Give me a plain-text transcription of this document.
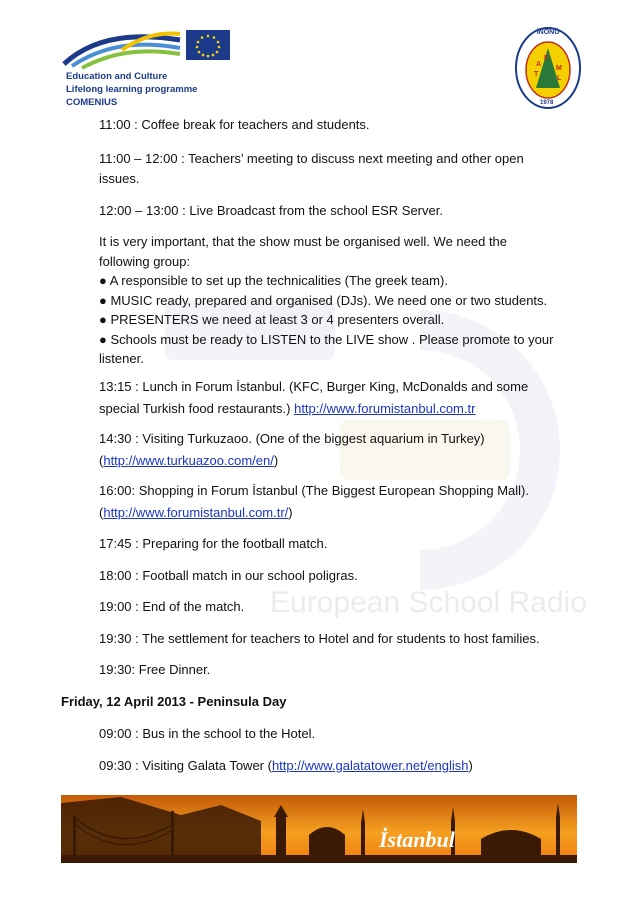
European School Radio
Education and Culture
Lifelong learning programme
COMENIUS
A
T
E
M
L
1978
İNÖNÜ
11:00 : Coffee break for teachers and students.
11:00 – 12:00 : Teachers’ meeting to discuss next meeting and other open
issues.
12:00 – 13:00 : Live Broadcast from the school ESR Server.
It is very important, that the show must be organised well. We need the
following group:
● A responsible to set up the technicalities (The greek team).
● MUSIC ready, prepared and organised (DJs). We need one or two students.
● PRESENTERS we need at least 3 or 4 presenters overall.
● Schools must be ready to LISTEN to the LIVE show . Please promote to your
listener.
13:15 : Lunch in Forum İstanbul. (KFC, Burger King, McDonalds and some
special Turkish food restaurants.) http://www.forumistanbul.com.tr
14:30 : Visiting Turkuzaoo. (One of the biggest aquarium in Turkey)
(http://www.turkuazoo.com/en/)
16:00: Shopping in Forum İstanbul (The Biggest European Shopping Mall).
(http://www.forumistanbul.com.tr/)
17:45 : Preparing for the football match.
18:00 : Football match in our school poligras.
19:00 : End of the match.
19:30 : The settlement for teachers to Hotel and for students to host families.
19:30: Free Dinner.
Friday, 12 April 2013 - Peninsula Day
09:00 : Bus in the school to the Hotel.
09:30 : Visiting Galata Tower (http://www.galatatower.net/english)
İstanbul
